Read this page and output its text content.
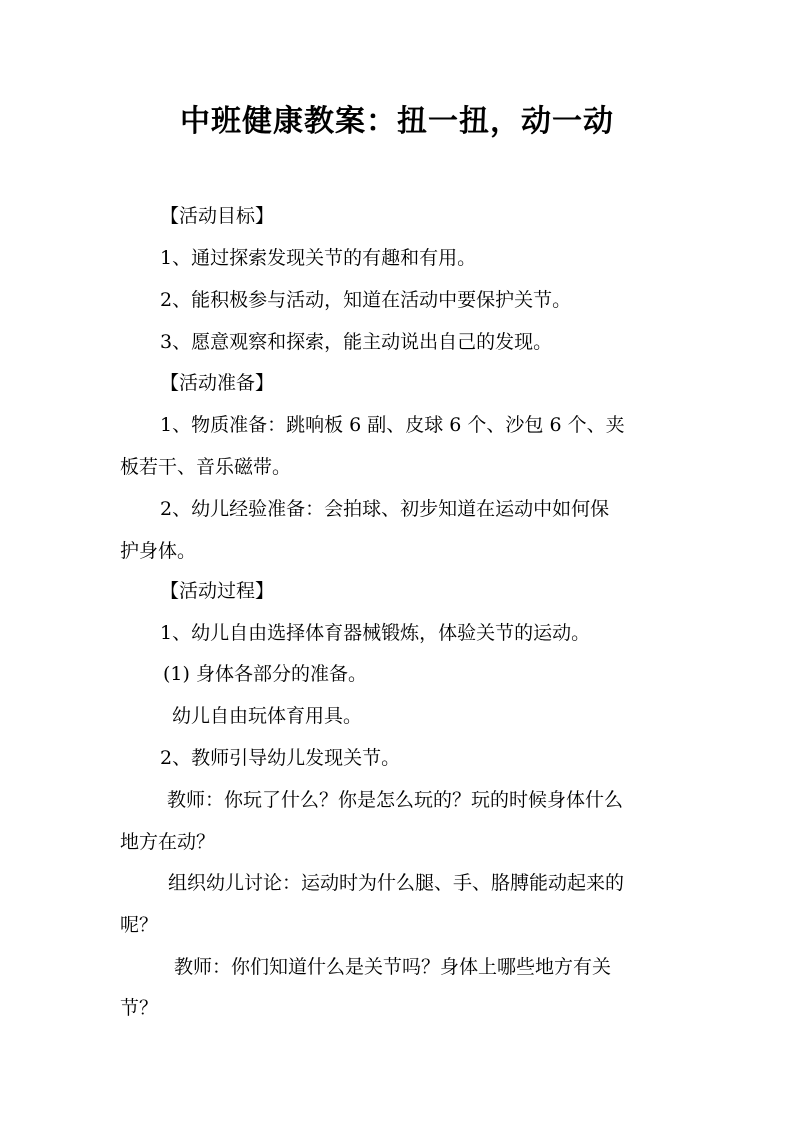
中班健康教案：扭一扭，动一动
【活动目标】
1、通过探索发现关节的有趣和有用。
2、能积极参与活动，知道在活动中要保护关节。
3、愿意观察和探索，能主动说出自己的发现。
【活动准备】
1、物质准备：跳响板 6 副、皮球 6 个、沙包 6 个、夹
板若干、音乐磁带。
2、幼儿经验准备：会拍球、初步知道在运动中如何保
护身体。
【活动过程】
1、幼儿自由选择体育器械锻炼，体验关节的运动。
(1) 身体各部分的准备。
幼儿自由玩体育用具。
2、教师引导幼儿发现关节。
教师：你玩了什么？你是怎么玩的？玩的时候身体什么
地方在动？
组织幼儿讨论：运动时为什么腿、手、胳膊能动起来的
呢？
教师：你们知道什么是关节吗？身体上哪些地方有关
节？
